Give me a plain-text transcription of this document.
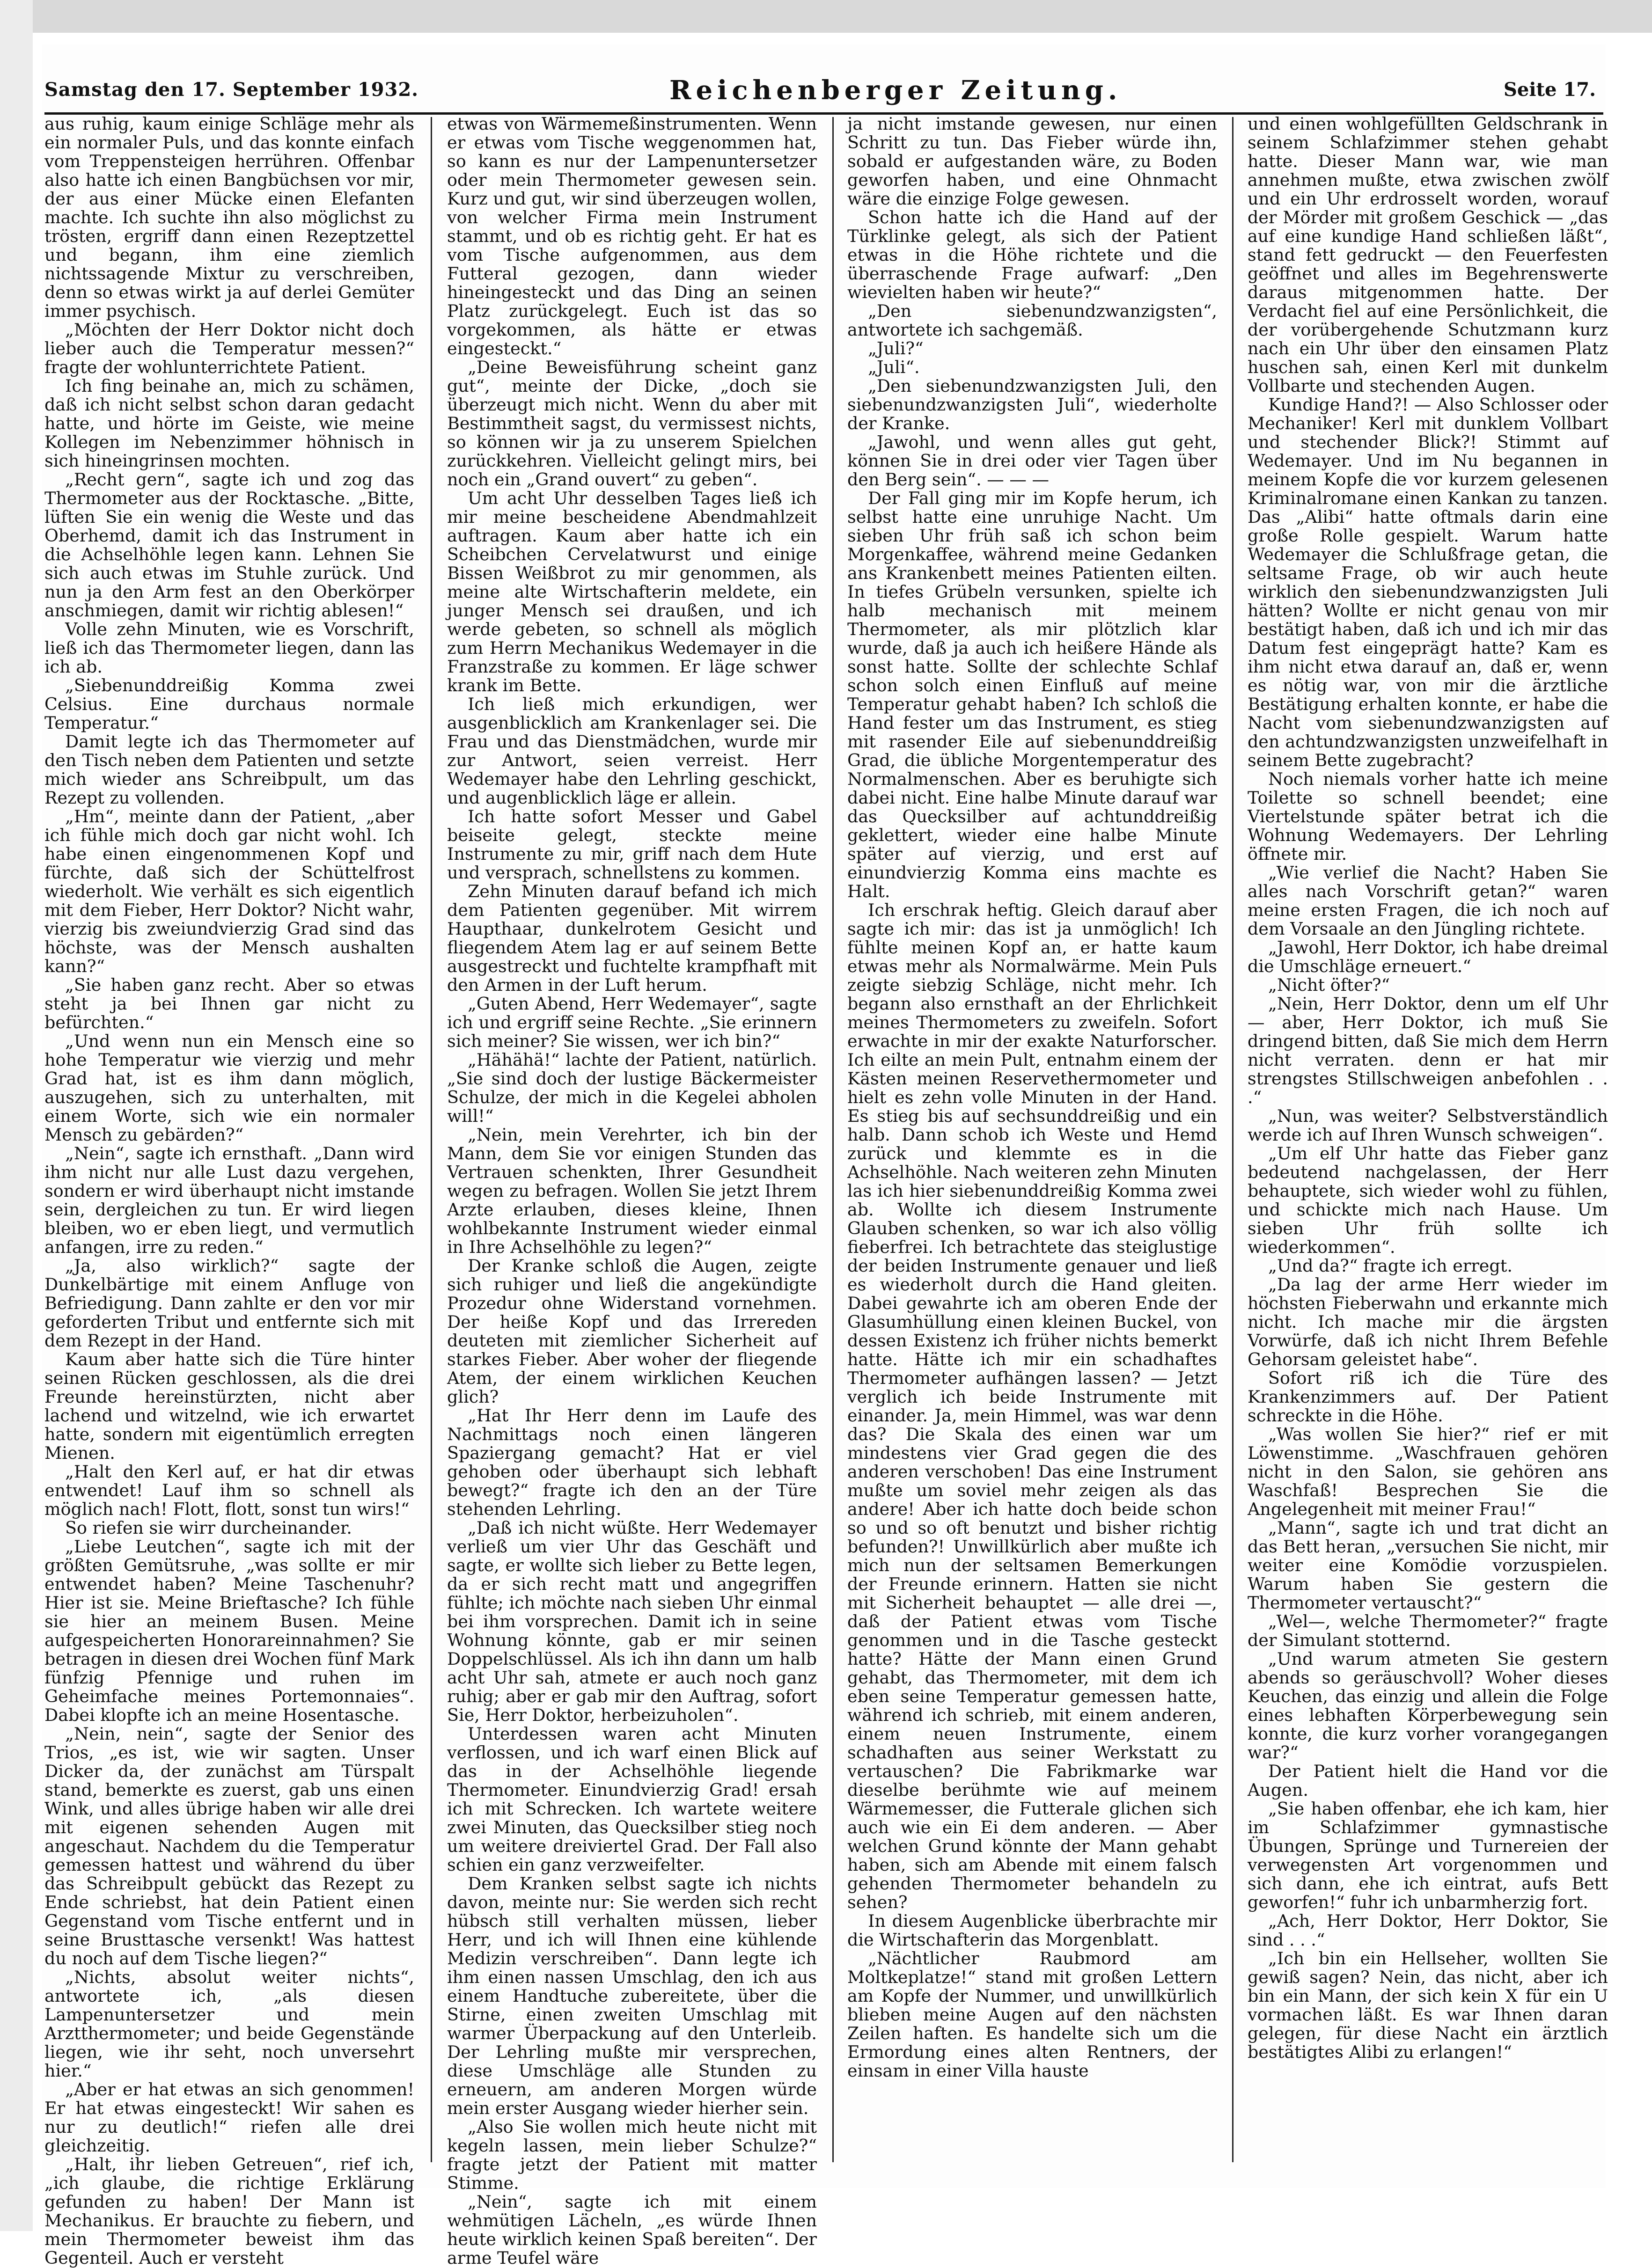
Samstag den 17. September 1932.	Reichenberger Zeitung.	Seite 17.

aus ruhig, kaum einige Schläge mehr als ein normaler Puls, und das konnte einfach vom Treppensteigen herrühren. Offenbar also hatte ich einen Bangbüchsen vor mir, der aus einer Mücke einen Elefanten machte. Ich suchte ihn also möglichst zu trösten, ergriff dann einen Rezeptzettel und begann, ihm eine ziemlich nichtssagende Mixtur zu verschreiben, denn so etwas wirkt ja auf derlei Gemüter immer psychisch.

„Möchten der Herr Doktor nicht doch lieber auch die Temperatur messen?“ fragte der wohlunterrichtete Patient.

Ich fing beinahe an, mich zu schämen, daß ich nicht selbst schon daran gedacht hatte, und hörte im Geiste, wie meine Kollegen im Nebenzimmer höhnisch in sich hineingrinsen mochten.

„Recht gern“, sagte ich und zog das Thermometer aus der Rocktasche. „Bitte, lüften Sie ein wenig die Weste und das Oberhemd, damit ich das Instrument in die Achselhöhle legen kann. Lehnen Sie sich auch etwas im Stuhle zurück. Und nun ja den Arm fest an den Oberkörper anschmiegen, damit wir richtig ablesen!“

Volle zehn Minuten, wie es Vorschrift, ließ ich das Thermometer liegen, dann las ich ab.

„Siebenunddreißig Komma zwei Celsius. Eine durchaus normale Temperatur.“

Damit legte ich das Thermometer auf den Tisch neben dem Patienten und setzte mich wieder ans Schreibpult, um das Rezept zu vollenden.

„Hm“, meinte dann der Patient, „aber ich fühle mich doch gar nicht wohl. Ich habe einen eingenommenen Kopf und fürchte, daß sich der Schüttelfrost wiederholt. Wie verhält es sich eigentlich mit dem Fieber, Herr Doktor? Nicht wahr, vierzig bis zweiundvierzig Grad sind das höchste, was der Mensch aushalten kann?“

„Sie haben ganz recht. Aber so etwas steht ja bei Ihnen gar nicht zu befürchten.“

„Und wenn nun ein Mensch eine so hohe Temperatur wie vierzig und mehr Grad hat, ist es ihm dann möglich, auszugehen, sich zu unterhalten, mit einem Worte, sich wie ein normaler Mensch zu gebärden?“

„Nein“, sagte ich ernsthaft. „Dann wird ihm nicht nur alle Lust dazu vergehen, sondern er wird überhaupt nicht imstande sein, dergleichen zu tun. Er wird liegen bleiben, wo er eben liegt, und vermutlich anfangen, irre zu reden.“

„Ja, also wirklich?“ sagte der Dunkelbärtige mit einem Anfluge von Befriedigung. Dann zahlte er den vor mir geforderten Tribut und entfernte sich mit dem Rezept in der Hand.

Kaum aber hatte sich die Türe hinter seinen Rücken geschlossen, als die drei Freunde hereinstürzten, nicht aber lachend und witzelnd, wie ich erwartet hatte, sondern mit eigentümlich erregten Mienen.

„Halt den Kerl auf, er hat dir etwas entwendet! Lauf ihm so schnell als möglich nach! Flott, flott, sonst tun wirs!“

So riefen sie wirr durcheinander.

„Liebe Leutchen“, sagte ich mit der größten Gemütsruhe, „was sollte er mir entwendet haben? Meine Taschenuhr? Hier ist sie. Meine Brieftasche? Ich fühle sie hier an meinem Busen. Meine aufgespeicherten Honorareinnahmen? Sie betragen in diesen drei Wochen fünf Mark fünfzig Pfennige und ruhen im Geheimfache meines Portemonnaies“. Dabei klopfte ich an meine Hosentasche.

„Nein, nein“, sagte der Senior des Trios, „es ist, wie wir sagten. Unser Dicker da, der zunächst am Türspalt stand, bemerkte es zuerst, gab uns einen Wink, und alles übrige haben wir alle drei mit eigenen sehenden Augen mit angeschaut. Nachdem du die Temperatur gemessen hattest und während du über das Schreibpult gebückt das Rezept zu Ende schriebst, hat dein Patient einen Gegenstand vom Tische entfernt und in seine Brusttasche versenkt! Was hattest du noch auf dem Tische liegen?“

„Nichts, absolut weiter nichts“, antwortete ich, „als diesen Lampenuntersetzer und mein Arztthermometer; und beide Gegenstände liegen, wie ihr seht, noch unversehrt hier.“

„Aber er hat etwas an sich genommen! Er hat etwas eingesteckt! Wir sahen es nur zu deutlich!“ riefen alle drei gleichzeitig.

„Halt, ihr lieben Getreuen“, rief ich, „ich glaube, die richtige Erklärung gefunden zu haben! Der Mann ist Mechanikus. Er brauchte zu fiebern, und mein Thermometer beweist ihm das Gegenteil. Auch er versteht

etwas von Wärmemeßinstrumenten. Wenn er etwas vom Tische weggenommen hat, so kann es nur der Lampenuntersetzer oder mein Thermometer gewesen sein. Kurz und gut, wir sind überzeugen wollen, von welcher Firma mein Instrument stammt, und ob es richtig geht. Er hat es vom Tische aufgenommen, aus dem Futteral gezogen, dann wieder hineingesteckt und das Ding an seinen Platz zurückgelegt. Euch ist das so vorgekommen, als hätte er etwas eingesteckt.“

„Deine Beweisführung scheint ganz gut“, meinte der Dicke, „doch sie überzeugt mich nicht. Wenn du aber mit Bestimmtheit sagst, du vermissest nichts, so können wir ja zu unserem Spielchen zurückkehren. Vielleicht gelingt mirs, bei noch ein „Grand ouvert“ zu geben“.

Um acht Uhr desselben Tages ließ ich mir meine bescheidene Abendmahlzeit auftragen. Kaum aber hatte ich ein Scheibchen Cervelatwurst und einige Bissen Weißbrot zu mir genommen, als meine alte Wirtschafterin meldete, ein junger Mensch sei draußen, und ich werde gebeten, so schnell als möglich zum Herrn Mechanikus Wedemayer in die Franzstraße zu kommen. Er läge schwer krank im Bette.

Ich ließ mich erkundigen, wer ausgenblicklich am Krankenlager sei. Die Frau und das Dienstmädchen, wurde mir zur Antwort, seien verreist. Herr Wedemayer habe den Lehrling geschickt, und augenblicklich läge er allein.

Ich hatte sofort Messer und Gabel beiseite gelegt, steckte meine Instrumente zu mir, griff nach dem Hute und versprach, schnellstens zu kommen.

Zehn Minuten darauf befand ich mich dem Patienten gegenüber. Mit wirrem Haupthaar, dunkelrotem Gesicht und fliegendem Atem lag er auf seinem Bette ausgestreckt und fuchtelte krampfhaft mit den Armen in der Luft herum.

„Guten Abend, Herr Wedemayer“, sagte ich und ergriff seine Rechte. „Sie erinnern sich meiner? Sie wissen, wer ich bin?“

„Hähähä!“ lachte der Patient, natürlich. „Sie sind doch der lustige Bäckermeister Schulze, der mich in die Kegelei abholen will!“

„Nein, mein Verehrter, ich bin der Mann, dem Sie vor einigen Stunden das Vertrauen schenkten, Ihrer Gesundheit wegen zu befragen. Wollen Sie jetzt Ihrem Arzte erlauben, dieses kleine, Ihnen wohlbekannte Instrument wieder einmal in Ihre Achselhöhle zu legen?“

Der Kranke schloß die Augen, zeigte sich ruhiger und ließ die angekündigte Prozedur ohne Widerstand vornehmen. Der heiße Kopf und das Irrereden deuteten mit ziemlicher Sicherheit auf starkes Fieber. Aber woher der fliegende Atem, der einem wirklichen Keuchen glich?

„Hat Ihr Herr denn im Laufe des Nachmittags noch einen längeren Spaziergang gemacht? Hat er viel gehoben oder überhaupt sich lebhaft bewegt?“ fragte ich den an der Türe stehenden Lehrling.

„Daß ich nicht wüßte. Herr Wedemayer verließ um vier Uhr das Geschäft und sagte, er wollte sich lieber zu Bette legen, da er sich recht matt und angegriffen fühlte; ich möchte nach sieben Uhr einmal bei ihm vorsprechen. Damit ich in seine Wohnung könnte, gab er mir seinen Doppelschlüssel. Als ich ihn dann um halb acht Uhr sah, atmete er auch noch ganz ruhig; aber er gab mir den Auftrag, sofort Sie, Herr Doktor, herbeizuholen“.

Unterdessen waren acht Minuten verflossen, und ich warf einen Blick auf das in der Achselhöhle liegende Thermometer. Einundvierzig Grad! ersah ich mit Schrecken. Ich wartete weitere zwei Minuten, das Quecksilber stieg noch um weitere dreiviertel Grad. Der Fall also schien ein ganz verzweifelter.

Dem Kranken selbst sagte ich nichts davon, meinte nur: Sie werden sich recht hübsch still verhalten müssen, lieber Herr, und ich will Ihnen eine kühlende Medizin verschreiben“. Dann legte ich ihm einen nassen Umschlag, den ich aus einem Handtuche zubereitete, über die Stirne, einen zweiten Umschlag mit warmer Überpackung auf den Unterleib. Der Lehrling mußte mir versprechen, diese Umschläge alle Stunden zu erneuern, am anderen Morgen würde mein erster Ausgang wieder hierher sein.

„Also Sie wollen mich heute nicht mit kegeln lassen, mein lieber Schulze?“ fragte jetzt der Patient mit matter Stimme.

„Nein“, sagte ich mit einem wehmütigen Lächeln, „es würde Ihnen heute wirklich keinen Spaß bereiten“. Der arme Teufel wäre

ja nicht imstande gewesen, nur einen Schritt zu tun. Das Fieber würde ihn, sobald er aufgestanden wäre, zu Boden geworfen haben, und eine Ohnmacht wäre die einzige Folge gewesen.

Schon hatte ich die Hand auf der Türklinke gelegt, als sich der Patient etwas in die Höhe richtete und die überraschende Frage aufwarf: „Den wievielten haben wir heute?“

„Den siebenundzwanzigsten“, antwortete ich sachgemäß.

„Juli?“

„Juli“.

„Den siebenundzwanzigsten Juli, den siebenundzwanzigsten Juli“, wiederholte der Kranke.

„Jawohl, und wenn alles gut geht, können Sie in drei oder vier Tagen über den Berg sein“. — — —

Der Fall ging mir im Kopfe herum, ich selbst hatte eine unruhige Nacht. Um sieben Uhr früh saß ich schon beim Morgenkaffee, während meine Gedanken ans Krankenbett meines Patienten eilten. In tiefes Grübeln versunken, spielte ich halb mechanisch mit meinem Thermometer, als mir plötzlich klar wurde, daß ja auch ich heißere Hände als sonst hatte. Sollte der schlechte Schlaf schon solch einen Einfluß auf meine Temperatur gehabt haben? Ich schloß die Hand fester um das Instrument, es stieg mit rasender Eile auf siebenunddreißig Grad, die übliche Morgentemperatur des Normalmenschen. Aber es beruhigte sich dabei nicht. Eine halbe Minute darauf war das Quecksilber auf achtunddreißig geklettert, wieder eine halbe Minute später auf vierzig, und erst auf einundvierzig Komma eins machte es Halt.

Ich erschrak heftig. Gleich darauf aber sagte ich mir: das ist ja unmöglich! Ich fühlte meinen Kopf an, er hatte kaum etwas mehr als Normalwärme. Mein Puls zeigte siebzig Schläge, nicht mehr. Ich begann also ernsthaft an der Ehrlichkeit meines Thermometers zu zweifeln. Sofort erwachte in mir der exakte Naturforscher. Ich eilte an mein Pult, entnahm einem der Kästen meinen Reservethermometer und hielt es zehn volle Minuten in der Hand. Es stieg bis auf sechsunddreißig und ein halb. Dann schob ich Weste und Hemd zurück und klemmte es in die Achselhöhle. Nach weiteren zehn Minuten las ich hier siebenunddreißig Komma zwei ab. Wollte ich diesem Instrumente Glauben schenken, so war ich also völlig fieberfrei. Ich betrachtete das steiglustige der beiden Instrumente genauer und ließ es wiederholt durch die Hand gleiten. Dabei gewahrte ich am oberen Ende der Glasumhüllung einen kleinen Buckel, von dessen Existenz ich früher nichts bemerkt hatte. Hätte ich mir ein schadhaftes Thermometer aufhängen lassen? — Jetzt verglich ich beide Instrumente mit einander. Ja, mein Himmel, was war denn das? Die Skala des einen war um mindestens vier Grad gegen die des anderen verschoben! Das eine Instrument mußte um soviel mehr zeigen als das andere! Aber ich hatte doch beide schon so und so oft benutzt und bisher richtig befunden?! Unwillkürlich aber mußte ich mich nun der seltsamen Bemerkungen der Freunde erinnern. Hatten sie nicht mit Sicherheit behauptet — alle drei —, daß der Patient etwas vom Tische genommen und in die Tasche gesteckt hatte? Hätte der Mann einen Grund gehabt, das Thermometer, mit dem ich eben seine Temperatur gemessen hatte, während ich schrieb, mit einem anderen, einem neuen Instrumente, einem schadhaften aus seiner Werkstatt zu vertauschen? Die Fabrikmarke war dieselbe berühmte wie auf meinem Wärmemesser, die Futterale glichen sich auch wie ein Ei dem anderen. — Aber welchen Grund könnte der Mann gehabt haben, sich am Abende mit einem falsch gehenden Thermometer behandeln zu sehen?

In diesem Augenblicke überbrachte mir die Wirtschafterin das Morgenblatt.

„Nächtlicher Raubmord am Moltkeplatze!“ stand mit großen Lettern am Kopfe der Nummer, und unwillkürlich blieben meine Augen auf den nächsten Zeilen haften. Es handelte sich um die Ermordung eines alten Rentners, der einsam in einer Villa hauste

und einen wohlgefüllten Geldschrank in seinem Schlafzimmer stehen gehabt hatte. Dieser Mann war, wie man annehmen mußte, etwa zwischen zwölf und ein Uhr erdrosselt worden, worauf der Mörder mit großem Geschick — „das auf eine kundige Hand schließen läßt“, stand fett gedruckt — den Feuerfesten geöffnet und alles im Begehrenswerte daraus mitgenommen hatte. Der Verdacht fiel auf eine Persönlichkeit, die der vorübergehende Schutzmann kurz nach ein Uhr über den einsamen Platz huschen sah, einen Kerl mit dunkelm Vollbarte und stechenden Augen.

Kundige Hand?! — Also Schlosser oder Mechaniker! Kerl mit dunklem Vollbart und stechender Blick?! Stimmt auf Wedemayer. Und im Nu begannen in meinem Kopfe die vor kurzem gelesenen Kriminalromane einen Kankan zu tanzen. Das „Alibi“ hatte oftmals darin eine große Rolle gespielt. Warum hatte Wedemayer die Schlußfrage getan, die seltsame Frage, ob wir auch heute wirklich den siebenundzwanzigsten Juli hätten? Wollte er nicht genau von mir bestätigt haben, daß ich und ich mir das Datum fest eingeprägt hatte? Kam es ihm nicht etwa darauf an, daß er, wenn es nötig war, von mir die ärztliche Bestätigung erhalten konnte, er habe die Nacht vom siebenundzwanzigsten auf den achtundzwanzigsten unzweifelhaft in seinem Bette zugebracht?

Noch niemals vorher hatte ich meine Toilette so schnell beendet; eine Viertelstunde später betrat ich die Wohnung Wedemayers. Der Lehrling öffnete mir.

„Wie verlief die Nacht? Haben Sie alles nach Vorschrift getan?“ waren meine ersten Fragen, die ich noch auf dem Vorsaale an den Jüngling richtete.

„Jawohl, Herr Doktor, ich habe dreimal die Umschläge erneuert.“

„Nicht öfter?“

„Nein, Herr Doktor, denn um elf Uhr — aber, Herr Doktor, ich muß Sie dringend bitten, daß Sie mich dem Herrn nicht verraten. denn er hat mir strengstes Stillschweigen anbefohlen . . .“

„Nun, was weiter? Selbstverständlich werde ich auf Ihren Wunsch schweigen“.

„Um elf Uhr hatte das Fieber ganz bedeutend nachgelassen, der Herr behauptete, sich wieder wohl zu fühlen, und schickte mich nach Hause. Um sieben Uhr früh sollte ich wiederkommen“.

„Und da?“ fragte ich erregt.

„Da lag der arme Herr wieder im höchsten Fieberwahn und erkannte mich nicht. Ich mache mir die ärgsten Vorwürfe, daß ich nicht Ihrem Befehle Gehorsam geleistet habe“.

Sofort riß ich die Türe des Krankenzimmers auf. Der Patient schreckte in die Höhe.

„Was wollen Sie hier?“ rief er mit Löwenstimme. „Waschfrauen gehören nicht in den Salon, sie gehören ans Waschfaß! Besprechen Sie die Angelegenheit mit meiner Frau!“

„Mann“, sagte ich und trat dicht an das Bett heran, „versuchen Sie nicht, mir weiter eine Komödie vorzuspielen. Warum haben Sie gestern die Thermometer vertauscht?“

„Wel—, welche Thermometer?“ fragte der Simulant stotternd.

„Und warum atmeten Sie gestern abends so geräuschvoll? Woher dieses Keuchen, das einzig und allein die Folge eines lebhaften Körperbewegung sein konnte, die kurz vorher vorangegangen war?“

Der Patient hielt die Hand vor die Augen.

„Sie haben offenbar, ehe ich kam, hier im Schlafzimmer gymnastische Übungen, Sprünge und Turnereien der verwegensten Art vorgenommen und sich dann, ehe ich eintrat, aufs Bett geworfen!“ fuhr ich unbarmherzig fort.

„Ach, Herr Doktor, Herr Doktor, Sie sind . . .“

„Ich bin ein Hellseher, wollten Sie gewiß sagen? Nein, das nicht, aber ich bin ein Mann, der sich kein X für ein U vormachen läßt. Es war Ihnen daran gelegen, für diese Nacht ein ärztlich bestätigtes Alibi zu erlangen!“
